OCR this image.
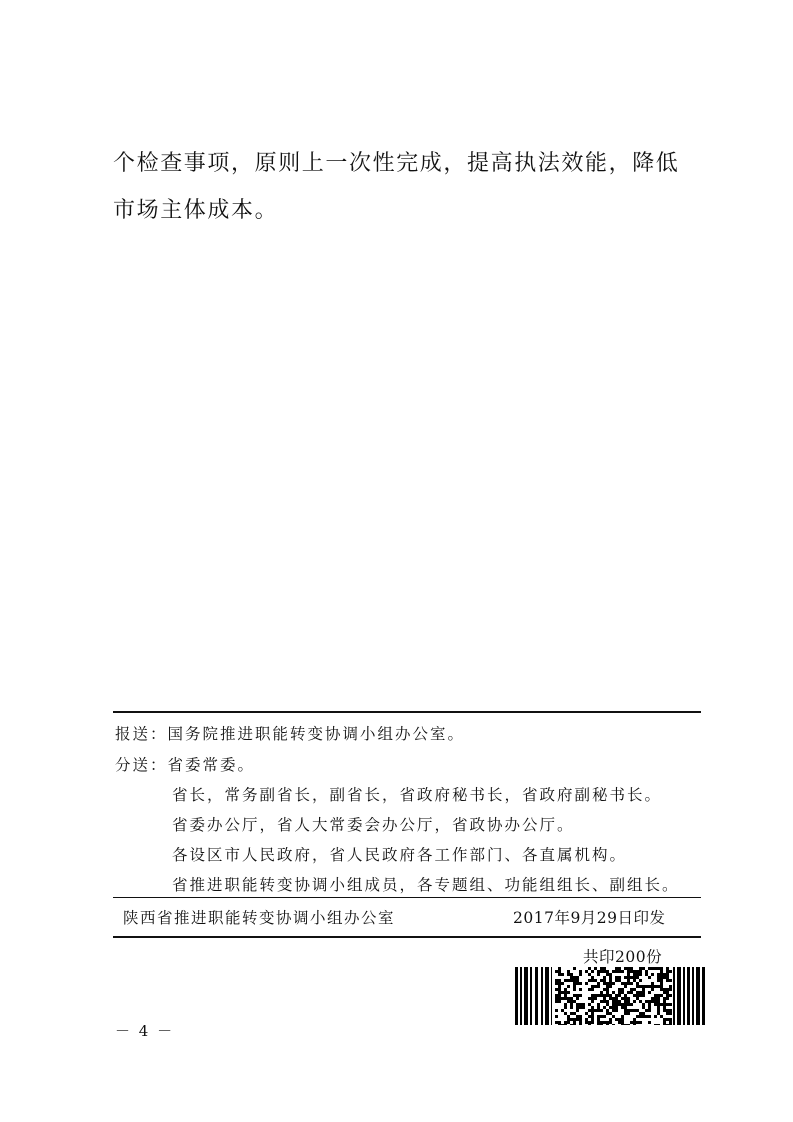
个检查事项，原则上一次性完成，提高执法效能，降低市场主体成本。

报送：国务院推进职能转变协调小组办公室。

分送：省委常委。

省长，常务副省长，副省长，省政府秘书长，省政府副秘书长。

省委办公厅，省人大常委会办公厅，省政协办公厅。

各设区市人民政府，省人民政府各工作部门、各直属机构。

省推进职能转变协调小组成员，各专题组、功能组组长、副组长。

陕西省推进职能转变协调小组办公室	2017年9月29日印发
共印200份
－ 4 －
